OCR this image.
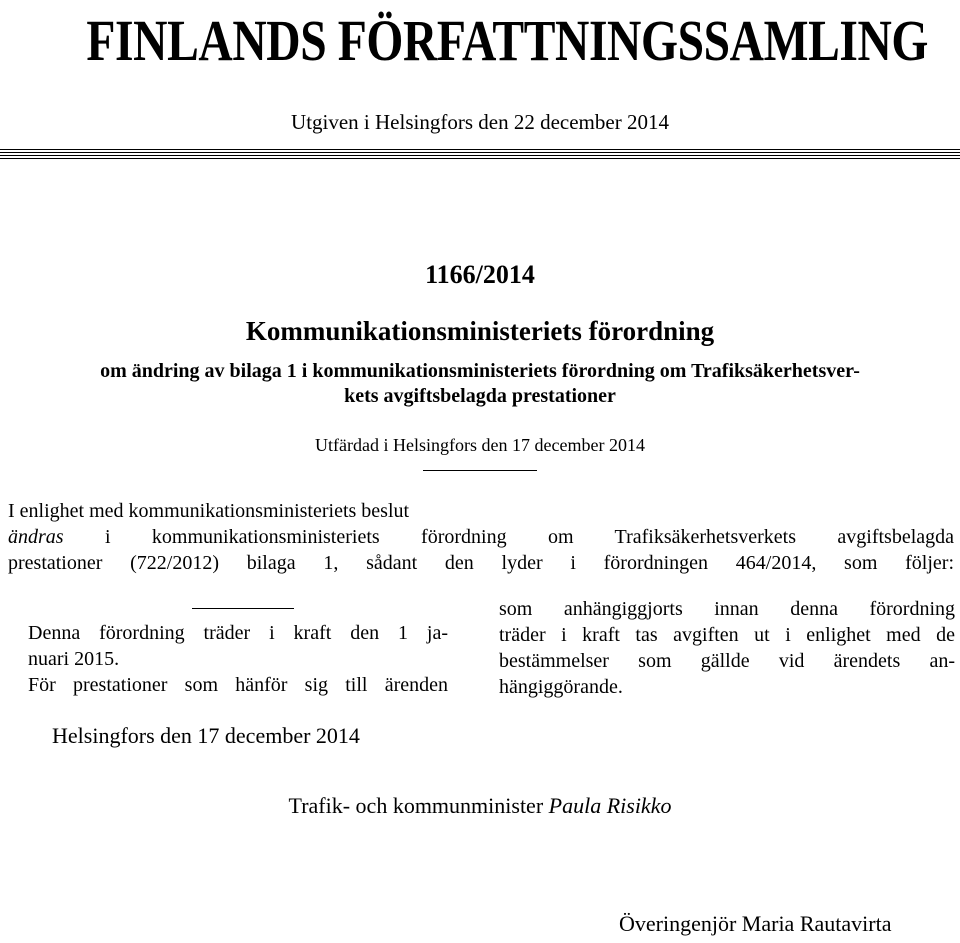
FINLANDS FÖRFATTNINGSSAMLING
Utgiven i Helsingfors den 22 december 2014
1166/2014
Kommunikationsministeriets förordning
om ändring av bilaga 1 i kommunikationsministeriets förordning om Trafiksäkerhetsver-
kets avgiftsbelagda prestationer
Utfärdad i Helsingfors den 17 december 2014
I enlighet med kommunikationsministeriets beslut
ändras i kommunikationsministeriets förordning om Trafiksäkerhetsverkets avgiftsbelagda
prestationer (722/2012) bilaga 1, sådant den lyder i förordningen 464/2014, som följer:
Denna förordning träder i kraft den 1 ja-
nuari 2015.
För prestationer som hänför sig till ärenden
som anhängiggjorts innan denna förordning
träder i kraft tas avgiften ut i enlighet med de
bestämmelser som gällde vid ärendets an-
hängiggörande.
Helsingfors den 17 december 2014
Trafik- och kommunminister Paula Risikko
Överingenjör Maria Rautavirta
